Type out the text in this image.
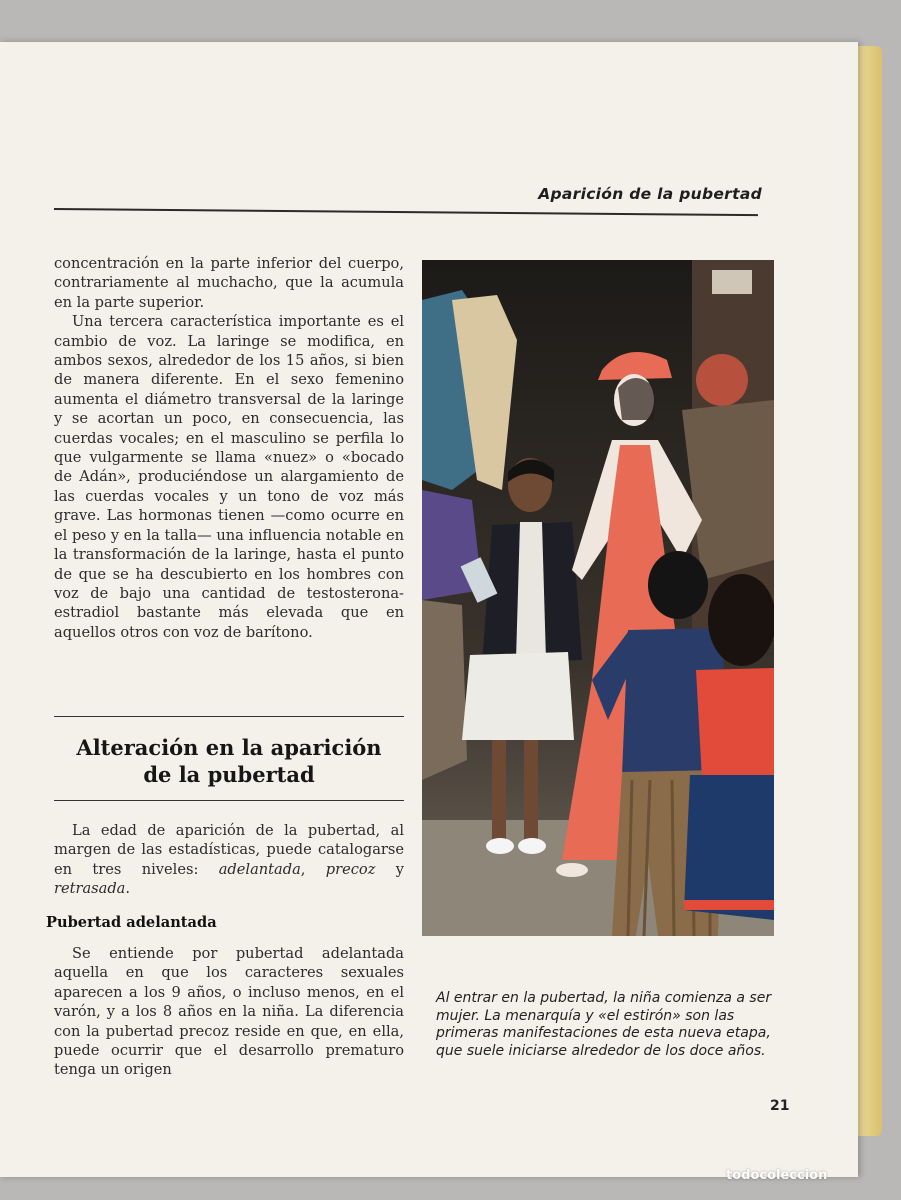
Aparición de la pubertad

concentración en la parte inferior del cuerpo, contrariamente al muchacho, que la acumula en la parte superior.

Una tercera característica importante es el cambio de voz. La laringe se modifica, en ambos sexos, alrededor de los 15 años, si bien de manera diferente. En el sexo femenino aumenta el diámetro transversal de la laringe y se acortan un poco, en consecuencia, las cuerdas vocales; en el masculino se perfila lo que vulgarmente se llama «nuez» o «bocado de Adán», produciéndose un alargamiento de las cuerdas vocales y un tono de voz más grave. Las hormonas tienen —como ocurre en el peso y en la talla— una influencia notable en la transformación de la laringe, hasta el punto de que se ha descubierto en los hombres con voz de bajo una cantidad de testosterona-estradiol bastante más elevada que en aquellos otros con voz de barítono.

Alteración en la aparición
de la pubertad

La edad de aparición de la pubertad, al margen de las estadísticas, puede catalogarse en tres niveles: adelantada, precoz y retrasada.

Pubertad adelantada

Se entiende por pubertad adelantada aquella en que los caracteres sexuales aparecen a los 9 años, o incluso menos, en el varón, y a los 8 años en la niña. La diferencia con la pubertad precoz reside en que, en ella, puede ocurrir que el desarrollo prematuro tenga un origen

Al entrar en la pubertad, la niña comienza a ser mujer. La menarquía y «el estirón» son las primeras manifestaciones de esta nueva etapa, que suele iniciarse alrededor de los doce años.
21
todocoleccion
